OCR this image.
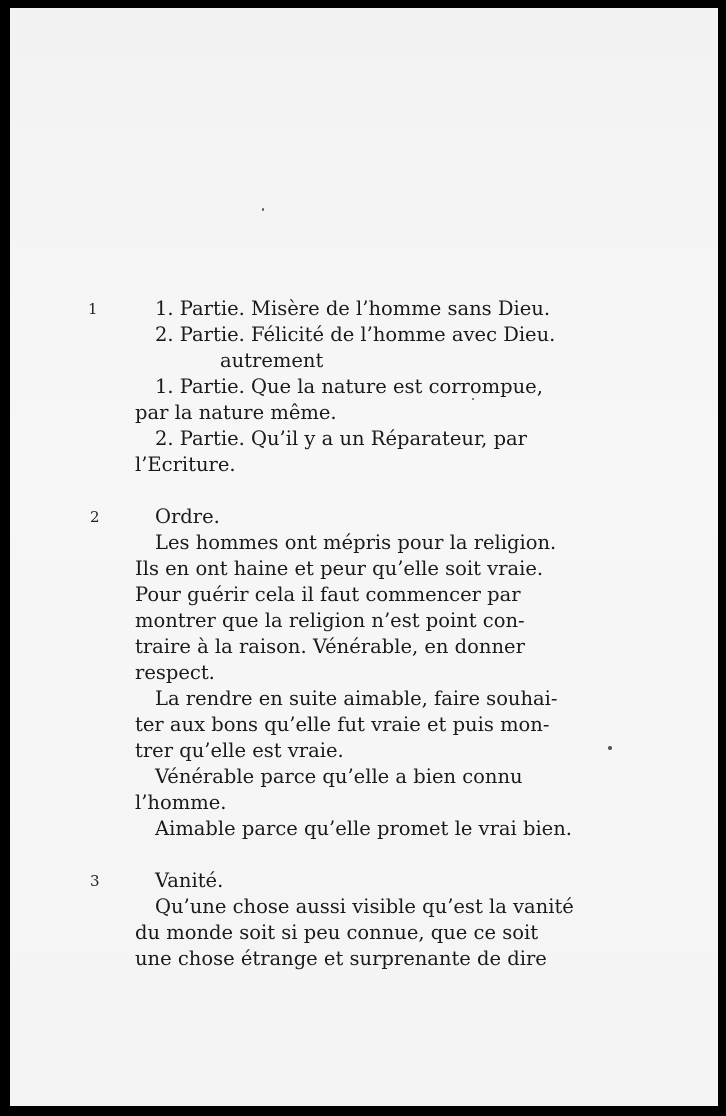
1	1. Partie. Misère de l’homme sans Dieu.
2. Partie. Félicité de l’homme avec Dieu.
autrement
1. Partie. Que la nature est corrompue,
par la nature même.
2. Partie. Qu’il y a un Réparateur, par
l’Ecriture.
2	Ordre.
Les hommes ont mépris pour la religion.
Ils en ont haine et peur qu’elle soit vraie.
Pour guérir cela il faut commencer par
montrer que la religion n’est point con-
traire à la raison. Vénérable, en donner
respect.
La rendre en suite aimable, faire souhai-
ter aux bons qu’elle fut vraie et puis mon-
trer qu’elle est vraie.
Vénérable parce qu’elle a bien connu
l’homme.
Aimable parce qu’elle promet le vrai bien.
3	Vanité.
Qu’une chose aussi visible qu’est la vanité
du monde soit si peu connue, que ce soit
une chose étrange et surprenante de dire
